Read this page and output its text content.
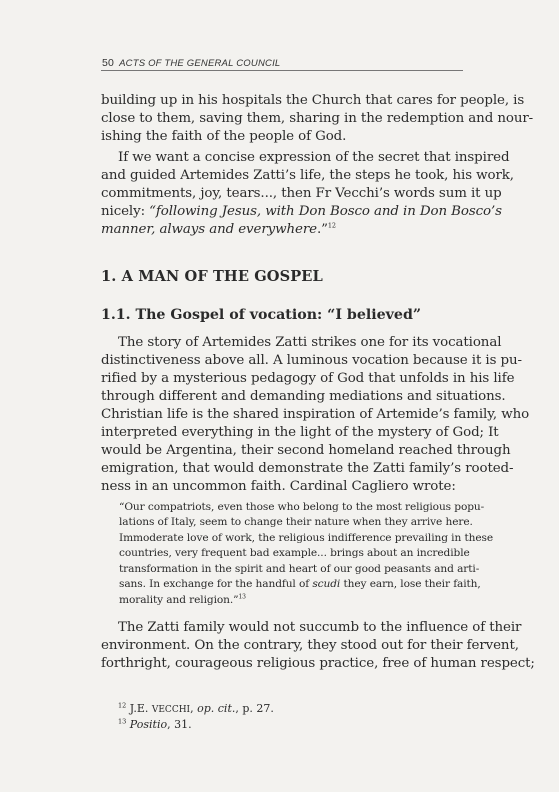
50 ACTS OF THE GENERAL COUNCIL
building up in his hospitals the Church that cares for people, is
close to them, saving them, sharing in the redemption and nour-
ishing the faith of the people of God.
If we want a concise expression of the secret that inspired
and guided Artemides Zatti’s life, the steps he took, his work,
commitments, joy, tears..., then Fr Vecchi’s words sum it up
nicely: “following Jesus, with Don Bosco and in Don Bosco’s
manner, always and everywhere.”$^{12}$
1. A MAN OF THE GOSPEL
1.1. The Gospel of vocation: “I believed”
The story of Artemides Zatti strikes one for its vocational
distinctiveness above all. A luminous vocation because it is pu-
rified by a mysterious pedagogy of God that unfolds in his life
through different and demanding mediations and situations.
Christian life is the shared inspiration of Artemide’s family, who
interpreted everything in the light of the mystery of God; It
would be Argentina, their second homeland reached through
emigration, that would demonstrate the Zatti family’s rooted-
ness in an uncommon faith. Cardinal Cagliero wrote:
“Our compatriots, even those who belong to the most religious popu-
lations of Italy, seem to change their nature when they arrive here.
Immoderate love of work, the religious indifference prevailing in these
countries, very frequent bad example... brings about an incredible
transformation in the spirit and heart of our good peasants and arti-
sans. In exchange for the handful of scudi they earn, lose their faith,
morality and religion.”$^{13}$
The Zatti family would not succumb to the influence of their
environment. On the contrary, they stood out for their fervent,
forthright, courageous religious practice, free of human respect;
$^{12}$ J.E. VECCHI, op. cit., p. 27.
$^{13}$ Positio, 31.
